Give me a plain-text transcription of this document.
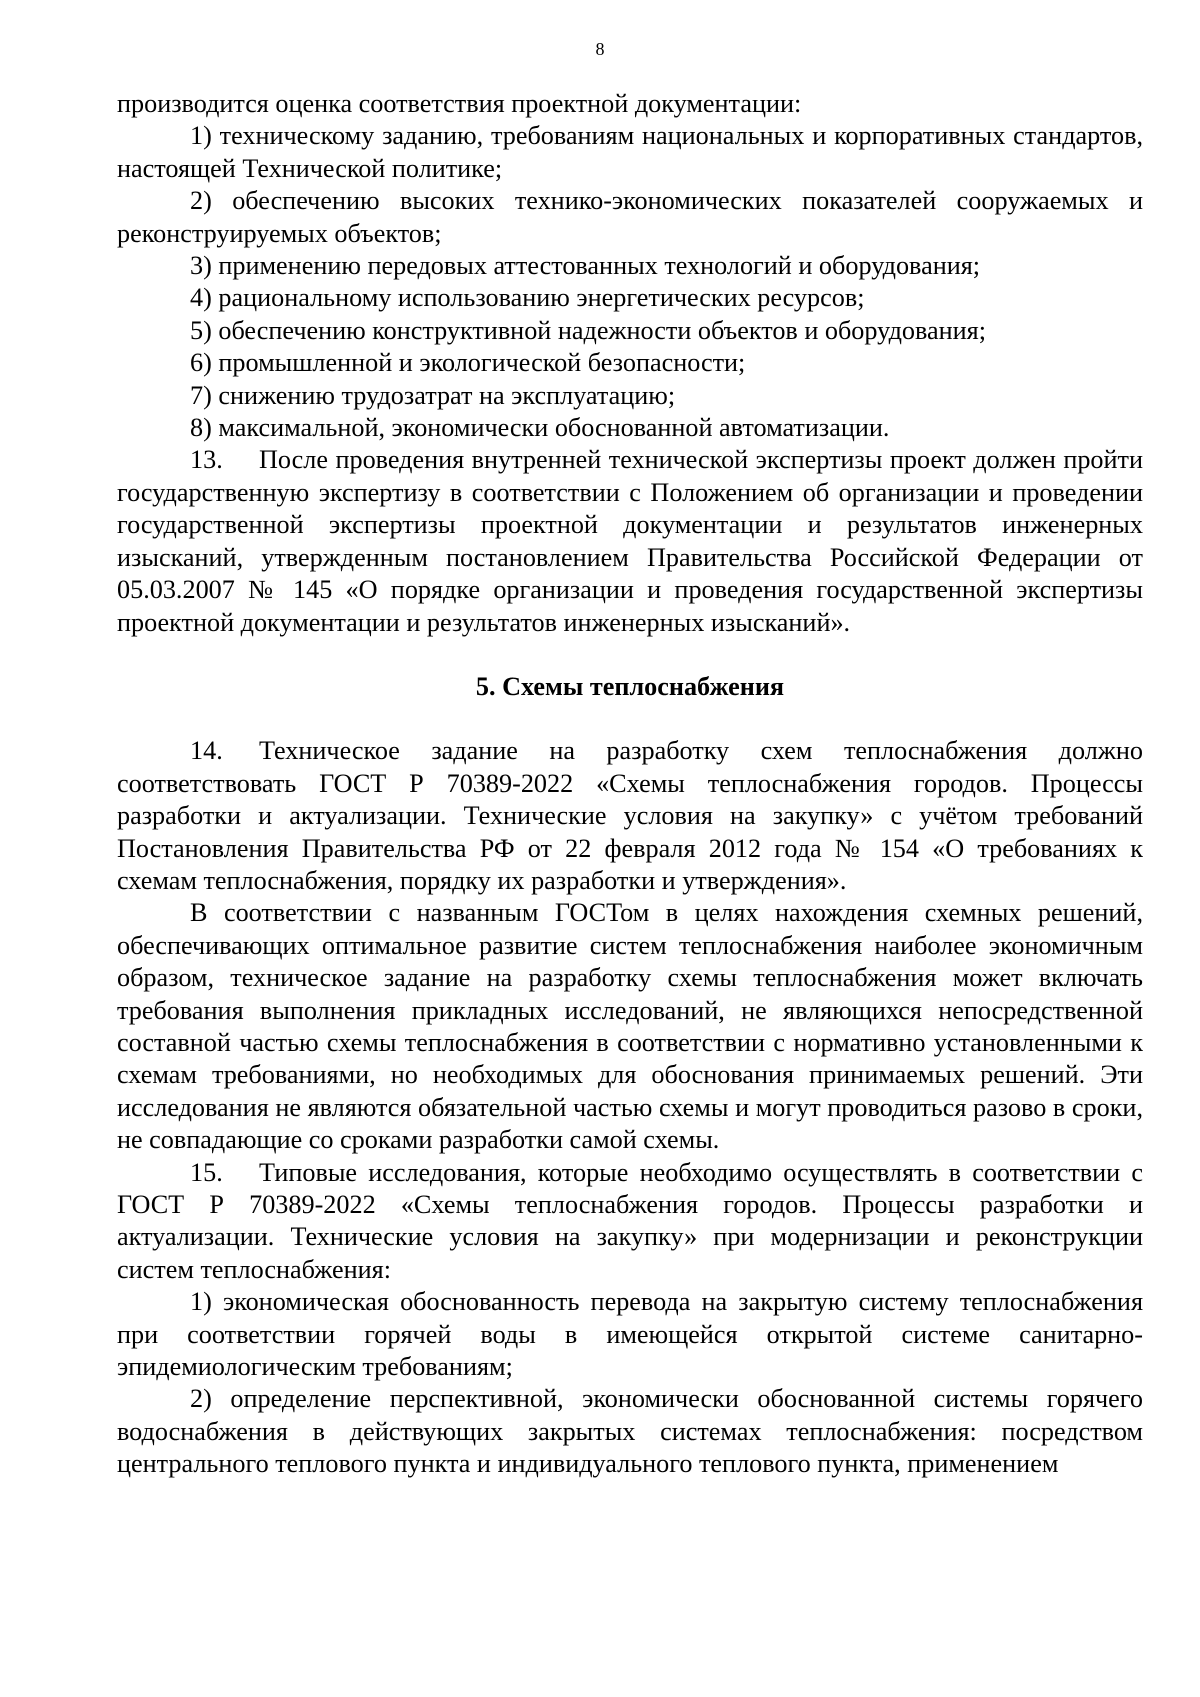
8

производится оценка соответствия проектной документации:

1) техническому заданию, требованиям национальных и корпоративных стандартов, настоящей Технической политике;

2) обеспечению высоких технико-экономических показателей сооружаемых и реконструируемых объектов;

3) применению передовых аттестованных технологий и оборудования;

4) рациональному использованию энергетических ресурсов;

5) обеспечению конструктивной надежности объектов и оборудования;

6) промышленной и экологической безопасности;

7) снижению трудозатрат на эксплуатацию;

8) максимальной, экономически обоснованной автоматизации.

13. После проведения внутренней технической экспертизы проект должен пройти государственную экспертизу в соответствии с Положением об организации и проведении государственной экспертизы проектной документации и результатов инженерных изысканий, утвержденным постановлением Правительства Российской Федерации от 05.03.2007 № 145 «О порядке организации и проведения государственной экспертизы проектной документации и результатов инженерных изысканий».

5. Схемы теплоснабжения

14. Техническое задание на разработку схем теплоснабжения должно соответствовать ГОСТ Р 70389-2022 «Схемы теплоснабжения городов. Процессы разработки и актуализации. Технические условия на закупку» с учётом требований Постановления Правительства РФ от 22 февраля 2012 года № 154 «О требованиях к схемам теплоснабжения, порядку их разработки и утверждения».

В соответствии с названным ГОСТом в целях нахождения схемных решений, обеспечивающих оптимальное развитие систем теплоснабжения наиболее экономичным образом, техническое задание на разработку схемы теплоснабжения может включать требования выполнения прикладных исследований, не являющихся непосредственной составной частью схемы теплоснабжения в соответствии с нормативно установленными к схемам требованиями, но необходимых для обоснования принимаемых решений. Эти исследования не являются обязательной частью схемы и могут проводиться разово в сроки, не совпадающие со сроками разработки самой схемы.

15. Типовые исследования, которые необходимо осуществлять в соответствии с ГОСТ Р 70389-2022 «Схемы теплоснабжения городов. Процессы разработки и актуализации. Технические условия на закупку» при модернизации и реконструкции систем теплоснабжения:

1) экономическая обоснованность перевода на закрытую систему теплоснабжения при соответствии горячей воды в имеющейся открытой системе санитарно-эпидемиологическим требованиям;

2) определение перспективной, экономически обоснованной системы горячего водоснабжения в действующих закрытых системах теплоснабжения: посредством центрального теплового пункта и индивидуального теплового пункта, применением
